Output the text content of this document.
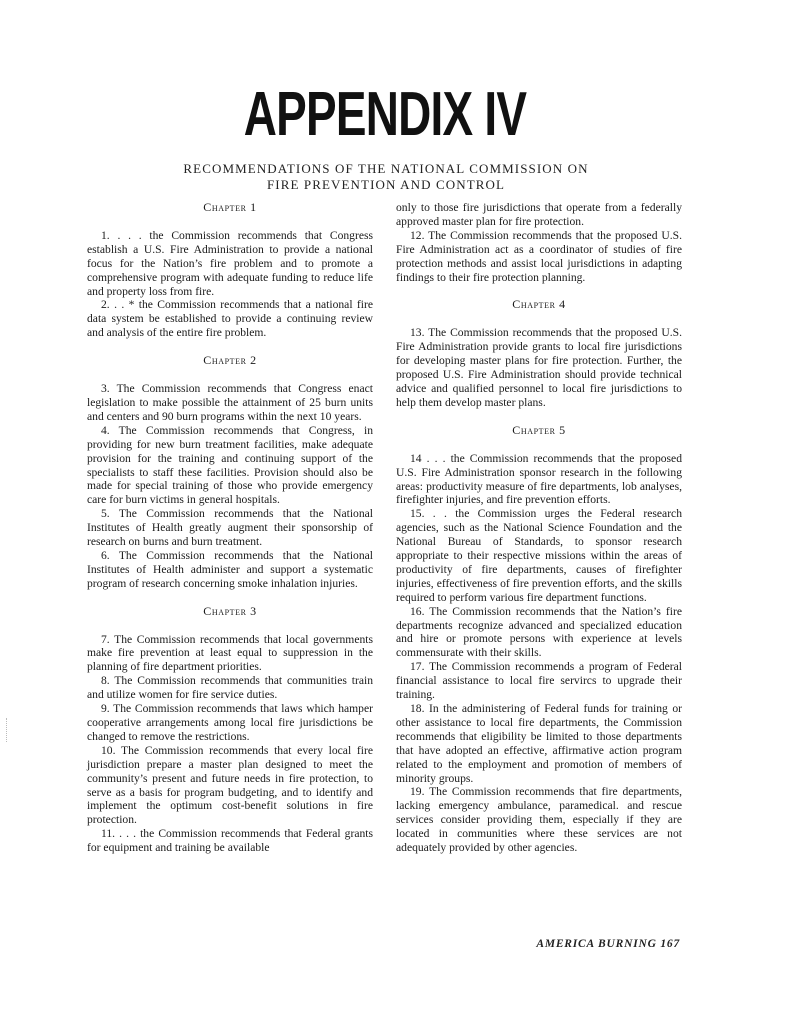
APPENDIX IV
RECOMMENDATIONS OF THE NATIONAL COMMISSION ON
FIRE PREVENTION AND CONTROL
Chapter 1

1. . . . the Commission recommends that Congress establish a U.S. Fire Administration to provide a national focus for the Nation’s fire problem and to promote a comprehensive program with adequate funding to reduce life and property loss from fire.

2. . . * the Commission recommends that a national fire data system be established to provide a continuing review and analysis of the entire fire problem.

Chapter 2

3. The Commission recommends that Congress enact legislation to make possible the attainment of 25 burn units and centers and 90 burn programs within the next 10 years.

4. The Commission recommends that Congress, in providing for new burn treatment facilities, make adequate provision for the training and continuing support of the specialists to staff these facilities. Provision should also be made for special training of those who provide emergency care for burn victims in general hospitals.

5. The Commission recommends that the National Institutes of Health greatly augment their sponsorship of research on burns and burn treatment.

6. The Commission recommends that the National Institutes of Health administer and support a systematic program of research concerning smoke inhalation injuries.

Chapter 3

7. The Commission recommends that local governments make fire prevention at least equal to suppression in the planning of fire department priorities.

8. The Commission recommends that communities train and utilize women for fire service duties.

9. The Commission recommends that laws which hamper cooperative arrangements among local fire jurisdictions be changed to remove the restrictions.

10. The Commission recommends that every local fire jurisdiction prepare a master plan designed to meet the community’s present and future needs in fire protection, to serve as a basis for program budgeting, and to identify and implement the optimum cost-benefit solutions in fire protection.

11. . . . the Commission recommends that Federal grants for equipment and training be available

only to those fire jurisdictions that operate from a federally approved master plan for fire protection.

12. The Commission recommends that the proposed U.S. Fire Administration act as a coordinator of studies of fire protection methods and assist local jurisdictions in adapting findings to their fire protection planning.

Chapter 4

13. The Commission recommends that the proposed U.S. Fire Administration provide grants to local fire jurisdictions for developing master plans for fire protection. Further, the proposed U.S. Fire Administration should provide technical advice and qualified personnel to local fire jurisdictions to help them develop master plans.

Chapter 5

14 . . . the Commission recommends that the proposed U.S. Fire Administration sponsor research in the following areas: productivity measure of fire departments, lob analyses, firefighter injuries, and fire prevention efforts.

15. . . the Commission urges the Federal research agencies, such as the National Science Foundation and the National Bureau of Standards, to sponsor research appropriate to their respective missions within the areas of productivity of fire departments, causes of firefighter injuries, effectiveness of fire prevention efforts, and the skills required to perform various fire department functions.

16. The Commission recommends that the Nation’s fire departments recognize advanced and specialized education and hire or promote persons with experience at levels commensurate with their skills.

17. The Commission recommends a program of Federal financial assistance to local fire servircs to upgrade their training.

18. In the administering of Federal funds for training or other assistance to local fire departments, the Commission recommends that eligibility be limited to those departments that have adopted an effective, affirmative action program related to the employment and promotion of members of minority groups.

19. The Commission recommends that fire departments, lacking emergency ambulance, paramedical. and rescue services consider providing them, especially if they are located in communities where these services are not adequately provided by other agencies.

AMERICA BURNING 167
